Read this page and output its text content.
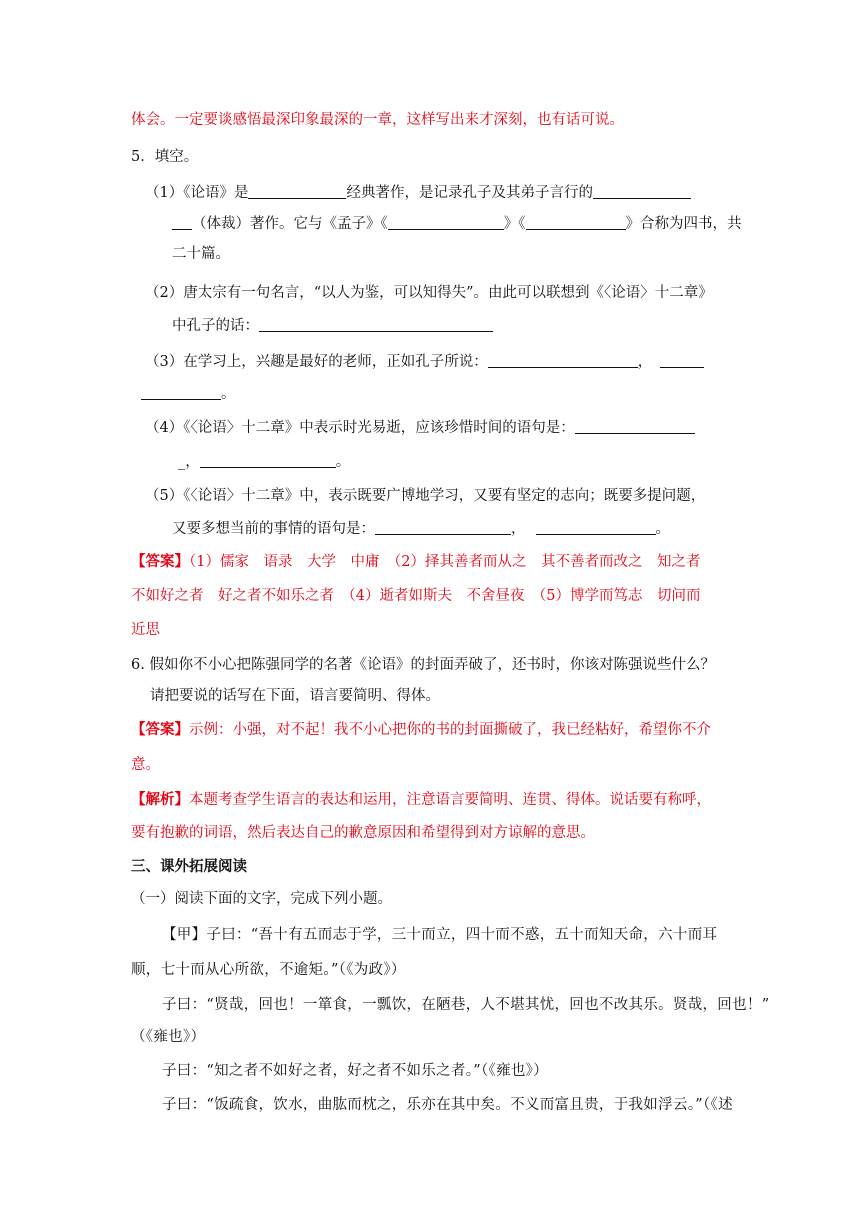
体会。一定要谈感悟最深印象最深的一章，这样写出来才深刻，也有话可说。
5．填空。
（1）《论语》是	经典著作，是记录孔子及其弟子言行的
（体裁）著作。它与《孟子》《	》《	》合称为四书，共
二十篇。
（2）唐太宗有一句名言，“以人为鉴，可以知得失”。由此可以联想到《〈论语〉十二章》
中孔子的话：
（3）在学习上，兴趣是最好的老师，正如孔子所说：	，
。
（4）《〈论语〉十二章》中表示时光易逝，应该珍惜时间的语句是：
_，	。
（5）《〈论语〉十二章》中，表示既要广博地学习，又要有坚定的志向；既要多提问题，
又要多想当前的事情的语句是：	，	。
【答案】（1）儒家　语录　大学　中庸　（2）择其善者而从之　其不善者而改之　知之者
不如好之者　好之者不如乐之者　（4）逝者如斯夫　不舍昼夜　（5）博学而笃志　切问而
近思
6. 假如你不小心把陈强同学的名著《论语》的封面弄破了，还书时，你该对陈强说些什么？
请把要说的话写在下面，语言要简明、得体。
【答案】示例：小强，对不起！我不小心把你的书的封面撕破了，我已经粘好，希望你不介
意。
【解析】本题考查学生语言的表达和运用，注意语言要简明、连贯、得体。说话要有称呼，
要有抱歉的词语，然后表达自己的歉意原因和希望得到对方谅解的意思。
三、课外拓展阅读
（一）阅读下面的文字，完成下列小题。
【甲】子曰：“吾十有五而志于学，三十而立，四十而不惑，五十而知天命，六十而耳
顺，七十而从心所欲，不逾矩。”（《为政》）
子曰：“贤哉，回也！一箪食，一瓢饮，在陋巷，人不堪其忧，回也不改其乐。贤哉，回也！”
（《雍也》）
子曰：“知之者不如好之者，好之者不如乐之者。”（《雍也》）
子曰：“饭疏食，饮水，曲肱而枕之，乐亦在其中矣。不义而富且贵，于我如浮云。”（《述
